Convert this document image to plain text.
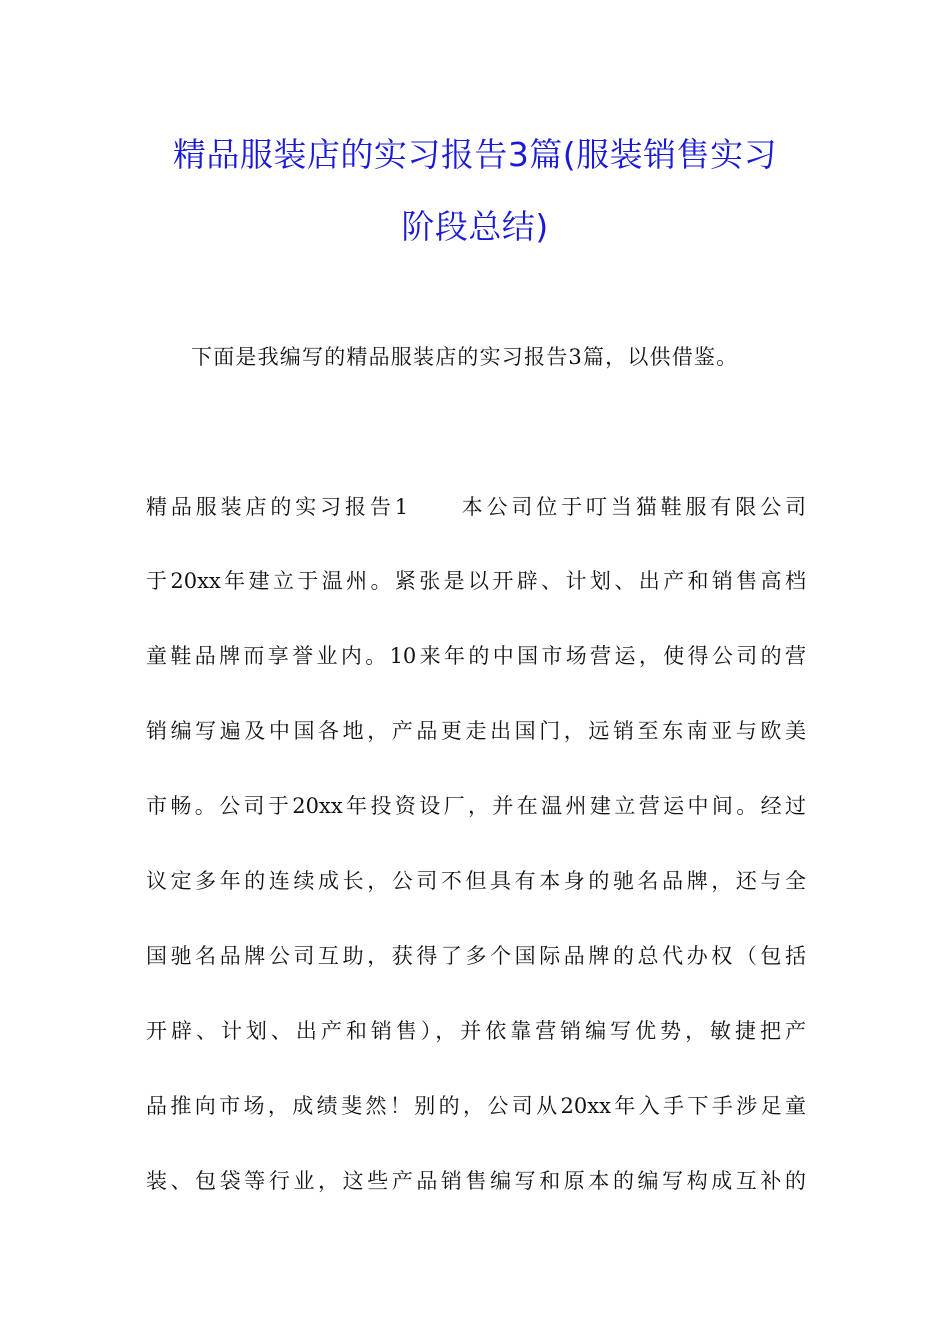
精品服装店的实习报告3篇(服装销售实习
阶段总结)
下面是我编写的精品服装店的实习报告3篇，以供借鉴。
精品服装店的实习报告1　　本公司位于叮当猫鞋服有限公司
于20xx年建立于温州。紧张是以开辟、计划、出产和销售高档
童鞋品牌而享誉业内。10来年的中国市场营运，使得公司的营
销编写遍及中国各地，产品更走出国门，远销至东南亚与欧美
市畅。公司于20xx年投资设厂，并在温州建立营运中间。经过
议定多年的连续成长，公司不但具有本身的驰名品牌，还与全
国驰名品牌公司互助，获得了多个国际品牌的总代办权（包括
开辟、计划、出产和销售），并依靠营销编写优势，敏捷把产
品推向市场，成绩斐然！别的，公司从20xx年入手下手涉足童
装、包袋等行业，这些产品销售编写和原本的编写构成互补的
